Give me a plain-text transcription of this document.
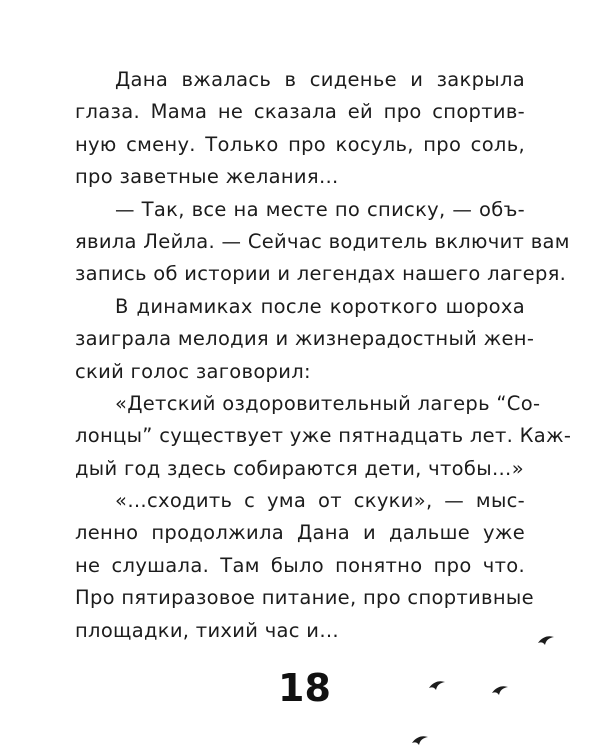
Дана вжалась в сиденье и закрыла
глаза. Мама не сказала ей про спортив-
ную смену. Только про косуль, про соль,
про заветные желания…
— Так, все на месте по списку, — объ-
явила Лейла. — Сейчас водитель включит вам
запись об истории и легендах нашего лагеря.
В динамиках после короткого шороха
заиграла мелодия и жизнерадостный жен-
ский голос заговорил:
«Детский оздоровительный лагерь “Со-
лонцы” существует уже пятнадцать лет. Каж-
дый год здесь собираются дети, чтобы…»
«…сходить с ума от скуки», — мыс-
ленно продолжила Дана и дальше уже
не слушала. Там было понятно про что.
Про пятиразовое питание, про спортивные
площадки, тихий час и…
18
